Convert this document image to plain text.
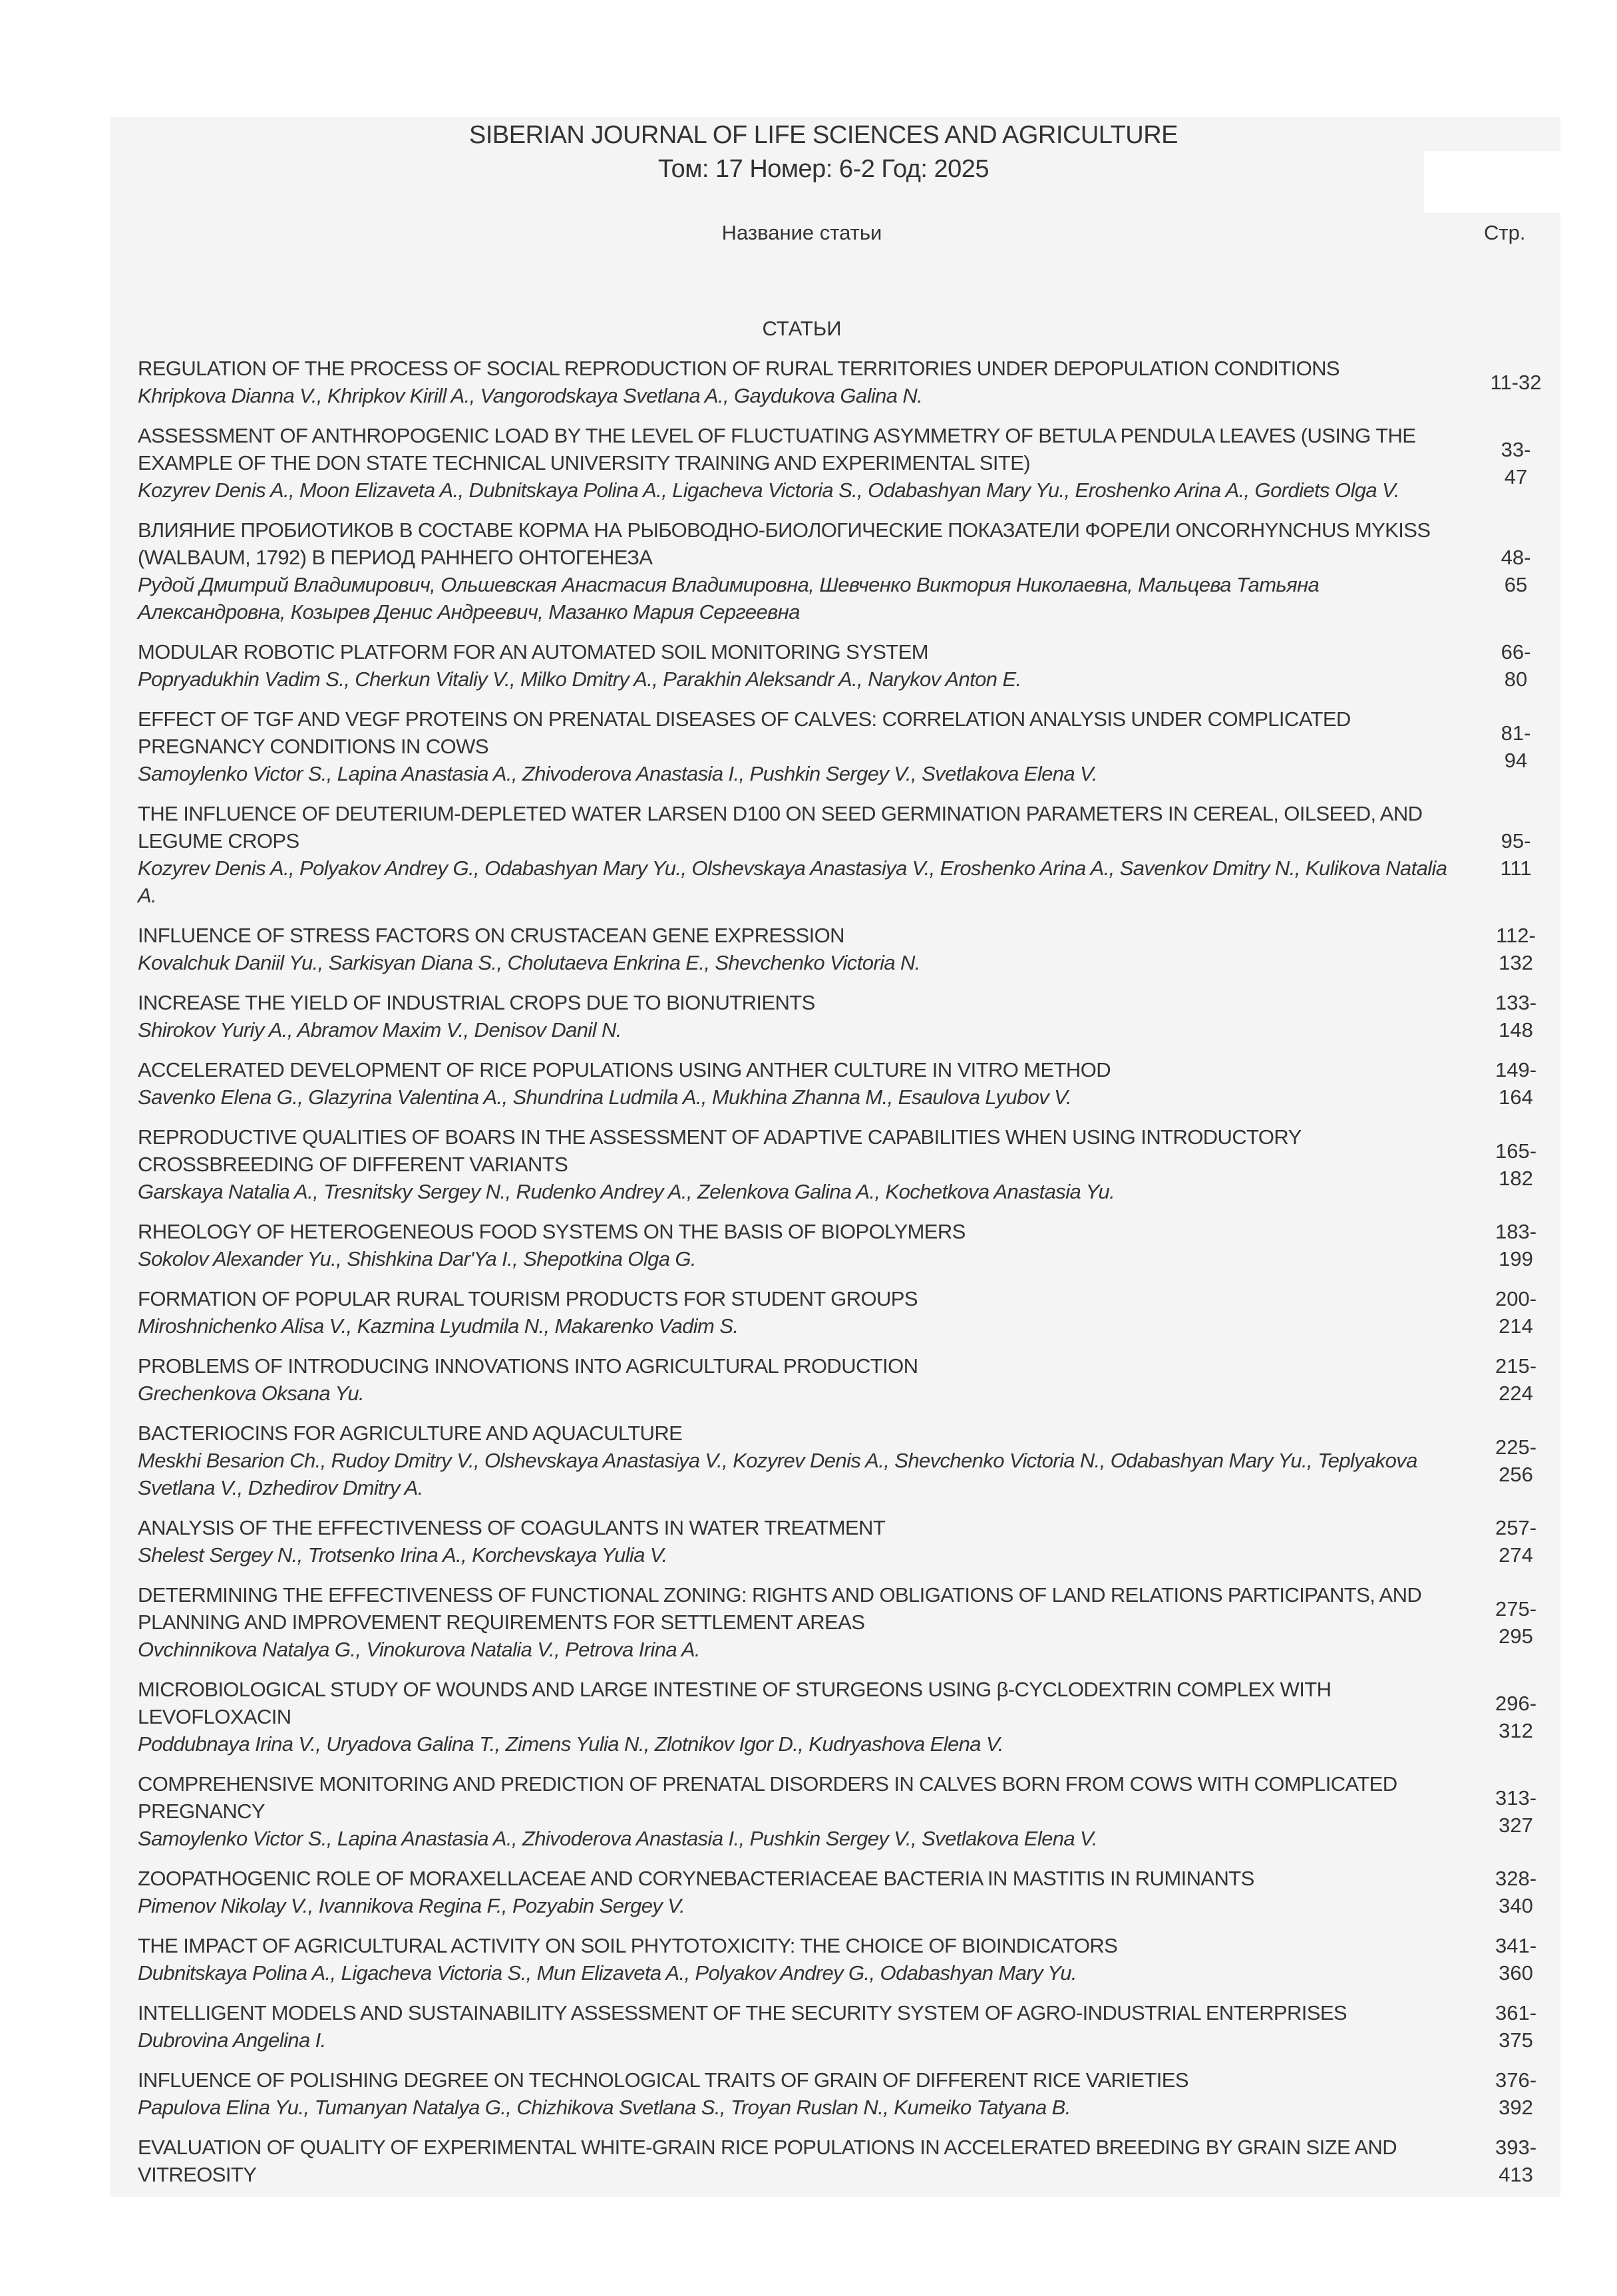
SIBERIAN JOURNAL OF LIFE SCIENCES AND AGRICULTURE
Том: 17 Номер: 6-2 Год: 2025
Название статьи	Стр.
СТАТЬИ
REGULATION OF THE PROCESS OF SOCIAL REPRODUCTION OF RURAL TERRITORIES UNDER DEPOPULATION CONDITIONS
Khripkova Dianna V., Khripkov Kirill A., Vangorodskaya Svetlana A., Gaydukova Galina N.
11-32
ASSESSMENT OF ANTHROPOGENIC LOAD BY THE LEVEL OF FLUCTUATING ASYMMETRY OF BETULA PENDULA LEAVES (USING THE EXAMPLE OF THE DON STATE TECHNICAL UNIVERSITY TRAINING AND EXPERIMENTAL SITE)
Kozyrev Denis A., Moon Elizaveta A., Dubnitskaya Polina A., Ligacheva Victoria S., Odabashyan Mary Yu., Eroshenko Arina A., Gordiets Olga V.
33-47
ВЛИЯНИЕ ПРОБИОТИКОВ В СОСТАВЕ КОРМА НА РЫБОВОДНО-БИОЛОГИЧЕСКИЕ ПОКАЗАТЕЛИ ФОРЕЛИ ONCORHYNCHUS MYKISS (WALBAUM, 1792) В ПЕРИОД РАННЕГО ОНТОГЕНЕЗА
Рудой Дмитрий Владимирович, Ольшевская Анастасия Владимировна, Шевченко Виктория Николаевна, Мальцева Татьяна Александровна, Козырев Денис Андреевич, Мазанко Мария Сергеевна
48-65
MODULAR ROBOTIC PLATFORM FOR AN AUTOMATED SOIL MONITORING SYSTEM
Popryadukhin Vadim S., Cherkun Vitaliy V., Milko Dmitry A., Parakhin Aleksandr A., Narykov Anton E.
66-80
EFFECT OF TGF AND VEGF PROTEINS ON PRENATAL DISEASES OF CALVES: CORRELATION ANALYSIS UNDER COMPLICATED PREGNANCY CONDITIONS IN COWS
Samoylenko Victor S., Lapina Anastasia A., Zhivoderova Anastasia I., Pushkin Sergey V., Svetlakova Elena V.
81-94
THE INFLUENCE OF DEUTERIUM-DEPLETED WATER LARSEN D100 ON SEED GERMINATION PARAMETERS IN CEREAL, OILSEED, AND LEGUME CROPS
Kozyrev Denis A., Polyakov Andrey G., Odabashyan Mary Yu., Olshevskaya Anastasiya V., Eroshenko Arina A., Savenkov Dmitry N., Kulikova Natalia A.
95-111
INFLUENCE OF STRESS FACTORS ON CRUSTACEAN GENE EXPRESSION
Kovalchuk Daniil Yu., Sarkisyan Diana S., Cholutaeva Enkrina E., Shevchenko Victoria N.
112-132
INCREASE THE YIELD OF INDUSTRIAL CROPS DUE TO BIONUTRIENTS
Shirokov Yuriy A., Abramov Maxim V., Denisov Danil N.
133-148
ACCELERATED DEVELOPMENT OF RICE POPULATIONS USING ANTHER CULTURE IN VITRO METHOD
Savenko Elena G., Glazyrina Valentina A., Shundrina Ludmila A., Mukhina Zhanna M., Esaulova Lyubov V.
149-164
REPRODUCTIVE QUALITIES OF BOARS IN THE ASSESSMENT OF ADAPTIVE CAPABILITIES WHEN USING INTRODUCTORY CROSSBREEDING OF DIFFERENT VARIANTS
Garskaya Natalia A., Tresnitsky Sergey N., Rudenko Andrey A., Zelenkova Galina A., Kochetkova Anastasia Yu.
165-182
RHEOLOGY OF HETEROGENEOUS FOOD SYSTEMS ON THE BASIS OF BIOPOLYMERS
Sokolov Alexander Yu., Shishkina Dar'Ya I., Shepotkina Olga G.
183-199
FORMATION OF POPULAR RURAL TOURISM PRODUCTS FOR STUDENT GROUPS
Miroshnichenko Alisa V., Kazmina Lyudmila N., Makarenko Vadim S.
200-214
PROBLEMS OF INTRODUCING INNOVATIONS INTO AGRICULTURAL PRODUCTION
Grechenkova Oksana Yu.
215-224
BACTERIOCINS FOR AGRICULTURE AND AQUACULTURE
Meskhi Besarion Ch., Rudoy Dmitry V., Olshevskaya Anastasiya V., Kozyrev Denis A., Shevchenko Victoria N., Odabashyan Mary Yu., Teplyakova Svetlana V., Dzhedirov Dmitry A.
225-256
ANALYSIS OF THE EFFECTIVENESS OF COAGULANTS IN WATER TREATMENT
Shelest Sergey N., Trotsenko Irina A., Korchevskaya Yulia V.
257-274
DETERMINING THE EFFECTIVENESS OF FUNCTIONAL ZONING: RIGHTS AND OBLIGATIONS OF LAND RELATIONS PARTICIPANTS, AND PLANNING AND IMPROVEMENT REQUIREMENTS FOR SETTLEMENT AREAS
Ovchinnikova Natalya G., Vinokurova Natalia V., Petrova Irina A.
275-295
MICROBIOLOGICAL STUDY OF WOUNDS AND LARGE INTESTINE OF STURGEONS USING β-CYCLODEXTRIN COMPLEX WITH LEVOFLOXACIN
Poddubnaya Irina V., Uryadova Galina T., Zimens Yulia N., Zlotnikov Igor D., Kudryashova Elena V.
296-312
COMPREHENSIVE MONITORING AND PREDICTION OF PRENATAL DISORDERS IN CALVES BORN FROM COWS WITH COMPLICATED PREGNANCY
Samoylenko Victor S., Lapina Anastasia A., Zhivoderova Anastasia I., Pushkin Sergey V., Svetlakova Elena V.
313-327
ZOOPATHOGENIC ROLE OF MORAXELLACEAE AND CORYNEBACTERIACEAE BACTERIA IN MASTITIS IN RUMINANTS
Pimenov Nikolay V., Ivannikova Regina F., Pozyabin Sergey V.
328-340
THE IMPACT OF AGRICULTURAL ACTIVITY ON SOIL PHYTOTOXICITY: THE CHOICE OF BIOINDICATORS
Dubnitskaya Polina A., Ligacheva Victoria S., Mun Elizaveta A., Polyakov Andrey G., Odabashyan Mary Yu.
341-360
INTELLIGENT MODELS AND SUSTAINABILITY ASSESSMENT OF THE SECURITY SYSTEM OF AGRO-INDUSTRIAL ENTERPRISES
Dubrovina Angelina I.
361-375
INFLUENCE OF POLISHING DEGREE ON TECHNOLOGICAL TRAITS OF GRAIN OF DIFFERENT RICE VARIETIES
Papulova Elina Yu., Tumanyan Natalya G., Chizhikova Svetlana S., Troyan Ruslan N., Kumeiko Tatyana B.
376-392
EVALUATION OF QUALITY OF EXPERIMENTAL WHITE-GRAIN RICE POPULATIONS IN ACCELERATED BREEDING BY GRAIN SIZE AND VITREOSITY
393-413
